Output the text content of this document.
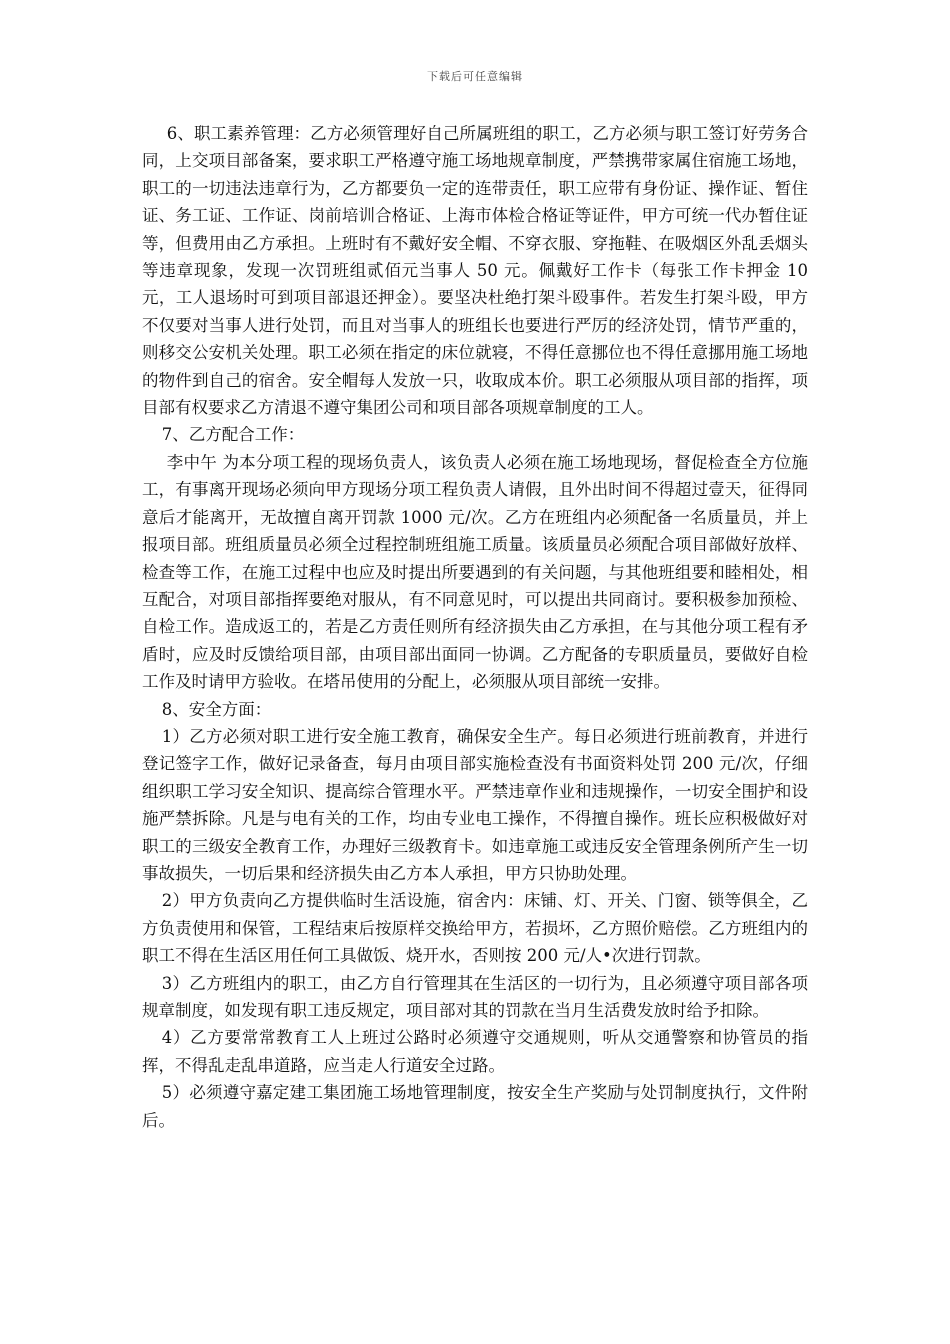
下载后可任意编辑

6、职工素养管理：乙方必须管理好自己所属班组的职工，乙方必须与职工签订好劳务合同，上交项目部备案，要求职工严格遵守施工场地规章制度，严禁携带家属住宿施工场地，职工的一切违法违章行为，乙方都要负一定的连带责任，职工应带有身份证、操作证、暂住证、务工证、工作证、岗前培训合格证、上海市体检合格证等证件，甲方可统一代办暂住证等，但费用由乙方承担。上班时有不戴好安全帽、不穿衣服、穿拖鞋、在吸烟区外乱丢烟头等违章现象，发现一次罚班组贰佰元当事人 50 元。佩戴好工作卡（每张工作卡押金 10 元，工人退场时可到项目部退还押金）。要坚决杜绝打架斗殴事件。若发生打架斗殴，甲方不仅要对当事人进行处罚，而且对当事人的班组长也要进行严厉的经济处罚，情节严重的，则移交公安机关处理。职工必须在指定的床位就寝，不得任意挪位也不得任意挪用施工场地的物件到自己的宿舍。安全帽每人发放一只，收取成本价。职工必须服从项目部的指挥，项目部有权要求乙方清退不遵守集团公司和项目部各项规章制度的工人。

7、乙方配合工作：

李中午 为本分项工程的现场负责人，该负责人必须在施工场地现场，督促检查全方位施工，有事离开现场必须向甲方现场分项工程负责人请假，且外出时间不得超过壹天，征得同意后才能离开，无故擅自离开罚款 1000 元/次。乙方在班组内必须配备一名质量员，并上报项目部。班组质量员必须全过程控制班组施工质量。该质量员必须配合项目部做好放样、检查等工作，在施工过程中也应及时提出所要遇到的有关问题，与其他班组要和睦相处，相互配合，对项目部指挥要绝对服从，有不同意见时，可以提出共同商讨。要积极参加预检、自检工作。造成返工的，若是乙方责任则所有经济损失由乙方承担，在与其他分项工程有矛盾时，应及时反馈给项目部，由项目部出面同一协调。乙方配备的专职质量员，要做好自检工作及时请甲方验收。在塔吊使用的分配上，必须服从项目部统一安排。

8、安全方面：

1）乙方必须对职工进行安全施工教育，确保安全生产。每日必须进行班前教育，并进行登记签字工作，做好记录备查，每月由项目部实施检查没有书面资料处罚 200 元/次，仔细组织职工学习安全知识、提高综合管理水平。严禁违章作业和违规操作，一切安全围护和设施严禁拆除。凡是与电有关的工作，均由专业电工操作，不得擅自操作。班长应积极做好对职工的三级安全教育工作，办理好三级教育卡。如违章施工或违反安全管理条例所产生一切事故损失，一切后果和经济损失由乙方本人承担，甲方只协助处理。

2）甲方负责向乙方提供临时生活设施，宿舍内：床铺、灯、开关、门窗、锁等俱全，乙方负责使用和保管，工程结束后按原样交换给甲方，若损坏，乙方照价赔偿。乙方班组内的职工不得在生活区用任何工具做饭、烧开水，否则按 200 元/人•次进行罚款。

3）乙方班组内的职工，由乙方自行管理其在生活区的一切行为，且必须遵守项目部各项规章制度，如发现有职工违反规定，项目部对其的罚款在当月生活费发放时给予扣除。

4）乙方要常常教育工人上班过公路时必须遵守交通规则，听从交通警察和协管员的指挥，不得乱走乱串道路，应当走人行道安全过路。

5）必须遵守嘉定建工集团施工场地管理制度，按安全生产奖励与处罚制度执行，文件附后。
